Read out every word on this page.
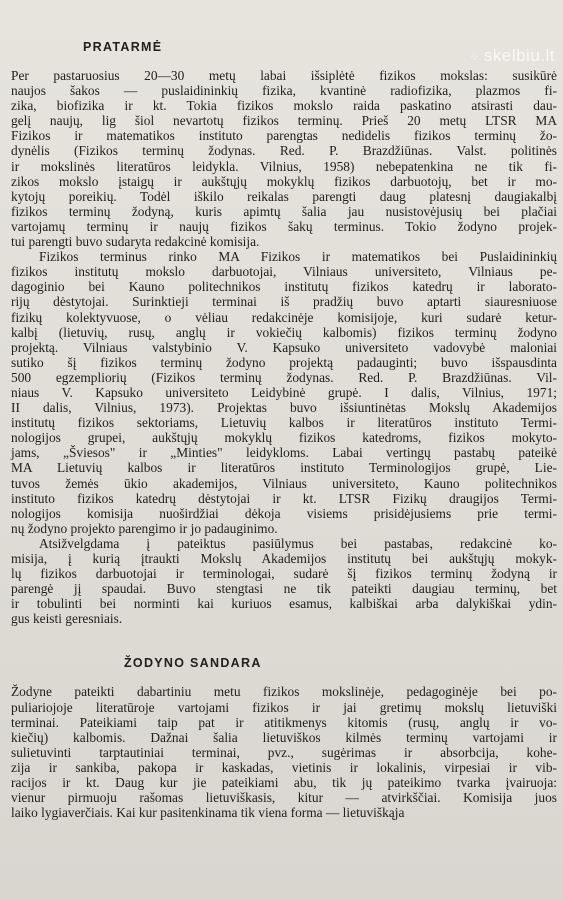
⁘ skelbiu.lt
PRATARMĖ
Per pastaruosius 20—30 metų labai išsiplėtė fizikos mokslas: susikūrė
naujos šakos — puslaidininkių fizika, kvantinė radiofizika, plazmos fi-
zika, biofizika ir kt. Tokia fizikos mokslo raida paskatino atsirasti dau-
gelį naujų, lig šiol nevartotų fizikos terminų. Prieš 20 metų LTSR MA
Fizikos ir matematikos instituto parengtas nedidelis fizikos terminų žo-
dynėlis (Fizikos terminų žodynas. Red. P. Brazdžiūnas. Valst. politinės
ir mokslinės literatūros leidykla. Vilnius, 1958) nebepatenkina ne tik fi-
zikos mokslo įstaigų ir aukštųjų mokyklų fizikos darbuotojų, bet ir mo-
kytojų poreikių. Todėl iškilo reikalas parengti daug platesnį daugiakalbį
fizikos terminų žodyną, kuris apimtų šalia jau nusistovėjusių bei plačiai
vartojamų terminų ir naujų fizikos šakų terminus. Tokio žodyno projek-
tui parengti buvo sudaryta redakcinė komisija.
Fizikos terminus rinko MA Fizikos ir matematikos bei Puslaidininkių
fizikos institutų mokslo darbuotojai, Vilniaus universiteto, Vilniaus pe-
dagoginio bei Kauno politechnikos institutų fizikos katedrų ir laborato-
rijų dėstytojai. Surinktieji terminai iš pradžių buvo aptarti siauresniuose
fizikų kolektyvuose, o vėliau redakcinėje komisijoje, kuri sudarė ketur-
kalbį (lietuvių, rusų, anglų ir vokiečių kalbomis) fizikos terminų žodyno
projektą. Vilniaus valstybinio V. Kapsuko universiteto vadovybė maloniai
sutiko šį fizikos terminų žodyno projektą padauginti; buvo išspausdinta
500 egzempliorių (Fizikos terminų žodynas. Red. P. Brazdžiūnas. Vil-
niaus V. Kapsuko universiteto Leidybinė grupė. I dalis, Vilnius, 1971;
II dalis, Vilnius, 1973). Projektas buvo išsiuntinėtas Mokslų Akademijos
institutų fizikos sektoriams, Lietuvių kalbos ir literatūros instituto Termi-
nologijos grupei, aukštųjų mokyklų fizikos katedroms, fizikos mokyto-
jams, „Šviesos" ir „Minties" leidykloms. Labai vertingų pastabų pateikė
MA Lietuvių kalbos ir literatūros instituto Terminologijos grupė, Lie-
tuvos žemės ūkio akademijos, Vilniaus universiteto, Kauno politechnikos
instituto fizikos katedrų dėstytojai ir kt. LTSR Fizikų draugijos Termi-
nologijos komisija nuoširdžiai dėkoja visiems prisidėjusiems prie termi-
nų žodyno projekto parengimo ir jo padauginimo.
Atsižvelgdama į pateiktus pasiūlymus bei pastabas, redakcinė ko-
misija, į kurią įtraukti Mokslų Akademijos institutų bei aukštųjų mokyk-
lų fizikos darbuotojai ir terminologai, sudarė šį fizikos terminų žodyną ir
parengė jį spaudai. Buvo stengtasi ne tik pateikti daugiau terminų, bet
ir tobulinti bei norminti kai kuriuos esamus, kalbiškai arba dalykiškai ydin-
gus keisti geresniais.
ŽODYNO SANDARA
Žodyne pateikti dabartiniu metu fizikos mokslinėje, pedagoginėje bei po-
puliariojoje literatūroje vartojami fizikos ir jai gretimų mokslų lietuviški
terminai. Pateikiami taip pat ir atitikmenys kitomis (rusų, anglų ir vo-
kiečių) kalbomis. Dažnai šalia lietuviškos kilmės terminų vartojami ir
sulietuvinti tarptautiniai terminai, pvz., sugėrimas ir absorbcija, kohe-
zija ir sankiba, pakopa ir kaskadas, vietinis ir lokalinis, virpesiai ir vib-
racijos ir kt. Daug kur jie pateikiami abu, tik jų pateikimo tvarka įvairuoja:
vienur pirmuoju rašomas lietuviškasis, kitur — atvirkščiai. Komisija juos
laiko lygiaverčiais. Kai kur pasitenkinama tik viena forma — lietuviškąja
